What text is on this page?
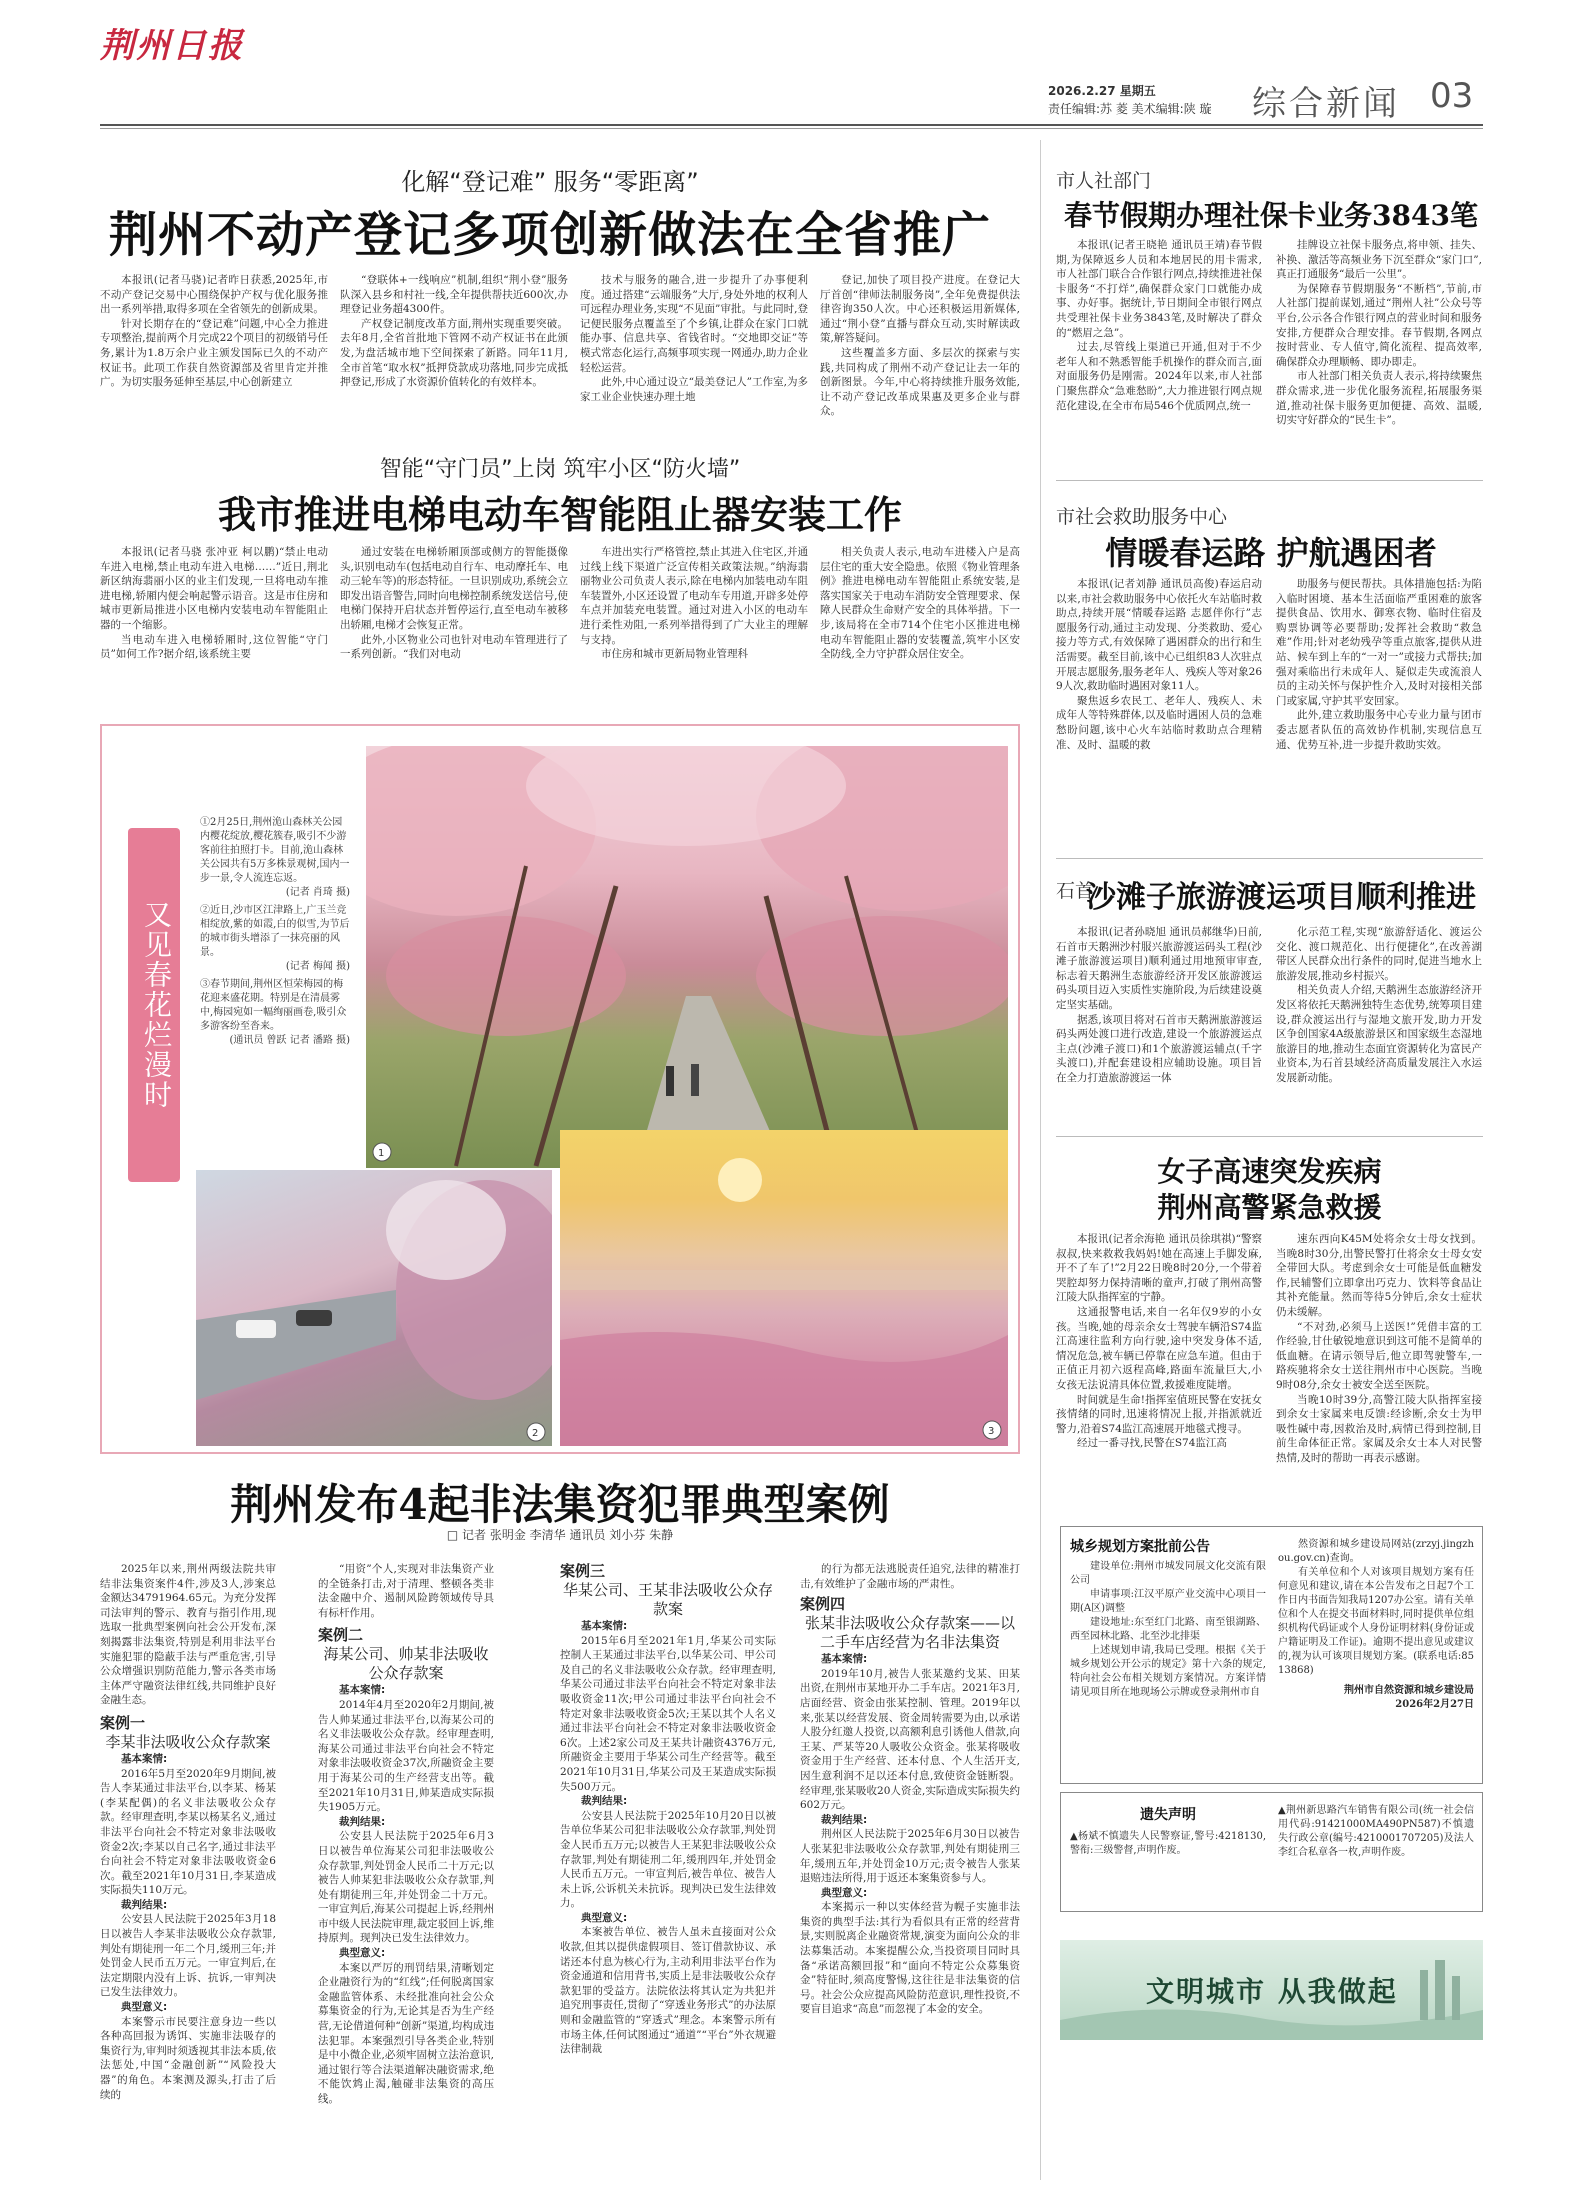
荆州日报
2026.2.27 星期五
责任编辑:苏 菱 美术编辑:陕 璇 综合新闻 03
化解“登记难” 服务“零距离”
荆州不动产登记多项创新做法在全省推广

本报讯(记者马骁)记者昨日获悉,2025年,市不动产登记交易中心围绕保护产权与优化服务推出一系列举措,取得多项在全省领先的创新成果。

针对长期存在的“登记难”问题,中心全力推进专项整治,提前两个月完成22个项目的初级销号任务,累计为1.8万余户业主颁发国际已久的不动产权证书。此项工作获自然资源部及省里肯定并推广。为切实服务延伸至基层,中心创新建立

“登联体+一线响应”机制,组织“荆小登”服务队深入县乡和村社一线,全年提供帮扶近600次,办理登记业务超4300件。

产权登记制度改革方面,荆州实现重要突破。去年8月,全省首批地下管网不动产权证书在此颁发,为盘活城市地下空间探索了新路。同年11月,全市首笔“取水权”抵押贷款成功落地,同步完成抵押登记,形成了水资源价值转化的有效样本。

技术与服务的融合,进一步提升了办事便利度。通过搭建“云端服务”大厅,身处外地的权利人可远程办理业务,实现“不见面”审批。与此同时,登记便民服务点覆盖至了个乡镇,让群众在家门口就能办事、信息共享、省钱省时。“交地即交证”等模式常态化运行,高频事项实现一网通办,助力企业轻松运营。

此外,中心通过设立“最美登记人”工作室,为多家工业企业快速办理土地

登记,加快了项目投产进度。在登记大厅首创“律师法制服务岗”,全年免费提供法律咨询350人次。中心还积极运用新媒体,通过“荆小登”直播与群众互动,实时解读政策,解答疑问。

这些覆盖多方面、多层次的探索与实践,共同构成了荆州不动产登记让去一年的创新图景。今年,中心将持续推升服务效能,让不动产登记改革成果惠及更多企业与群众。

智能“守门员”上岗 筑牢小区“防火墙”
我市推进电梯电动车智能阻止器安装工作

本报讯(记者马骁 张冲亚 柯以鹏)“禁止电动车进入电梯,禁止电动车进入电梯……”近日,荆北新区纳海翡丽小区的业主们发现,一旦将电动车推进电梯,轿厢内便会响起警示语音。这是市住房和城市更新局推进小区电梯内安装电动车智能阻止器的一个缩影。

当电动车进入电梯轿厢时,这位智能“守门员”如何工作?据介绍,该系统主要

通过安装在电梯轿厢顶部或侧方的智能摄像头,识别电动车(包括电动自行车、电动摩托车、电动三轮车等)的形态特征。一旦识别成功,系统会立即发出语音警告,同时向电梯控制系统发送信号,使电梯门保持开启状态并暂停运行,直至电动车被移出轿厢,电梯才会恢复正常。

此外,小区物业公司也针对电动车管理进行了一系列创新。“我们对电动

车进出实行严格管控,禁止其进入住宅区,并通过线上线下渠道广泛宣传相关政策法规。”纳海翡丽物业公司负责人表示,除在电梯内加装电动车阻车装置外,小区还设置了电动车专用道,开辟多处停车点并加装充电装置。通过对进入小区的电动车进行柔性劝阻,一系列举措得到了广大业主的理解与支持。

市住房和城市更新局物业管理科

相关负责人表示,电动车进楼入户是高层住宅的重大安全隐患。依照《物业管理条例》推进电梯电动车智能阻止系统安装,是落实国家关于电动车消防安全管理要求、保障人民群众生命财产安全的具体举措。下一步,该局将在全市714个住宅小区推进电梯电动车智能阻止器的安装覆盖,筑牢小区安全防线,全力守护群众居住安全。

又见春花烂漫时
①2月25日,荆州洈山森林关公园内樱花绽放,樱花簇春,吸引不少游客前往拍照打卡。目前,洈山森林关公园共有5万多株景观树,国内一步一景,令人流连忘返。
(记者 肖琦 摄)
②近日,沙市区江津路上,广玉兰竞相绽放,紫的如霞,白的似雪,为节后的城市街头增添了一抹亮丽的风景。
(记者 梅闻 摄)
③春节期间,荆州区恒荣梅园的梅花迎来盛花期。特别是在清晨雾中,梅园宛如一幅绚丽画卷,吸引众多游客纷至沓来。
(通讯员 曾跃 记者 潘路 摄)
1
2	3
荆州发布4起非法集资犯罪典型案例
□ 记者 张明金 李清华 通讯员 刘小芬 朱静

2025年以来,荆州两级法院共审结非法集资案件4件,涉及3人,涉案总金额达34791964.65元。为充分发挥司法审判的警示、教育与指引作用,现选取一批典型案例向社会公开发布,深刻揭露非法集资,特别是利用非法平台实施犯罪的隐蔽手法与严重危害,引导公众增强识别防范能力,警示各类市场主体严守融资法律红线,共同维护良好金融生态。

案例一
李某非法吸收公众存款案

基本案情:

2016年5月至2020年9月期间,被告人李某通过非法平台,以李某、杨某(李某配偶)的名义非法吸收公众存款。经审理查明,李某以杨某名义,通过非法平台向社会不特定对象非法吸收资金2次;李某以自己名字,通过非法平台向社会不特定对象非法吸收资金6次。截至2021年10月31日,李某造成实际损失110万元。

裁判结果:

公安县人民法院于2025年3月18日以被告人李某非法吸收公众存款罪,判处有期徒刑一年二个月,缓刑三年;并处罚金人民币五万元。一审宣判后,在法定期限内没有上诉、抗诉,一审判决已发生法律效力。

典型意义:

本案警示市民要注意身边一些以各种高回报为诱饵、实施非法吸存的集资行为,审判时须透视其非法本质,依法惩处,中国“金融创新”“风险投大器”的角色。本案测及源头,打击了后续的

“用资”个人,实现对非法集资产业的全链条打击,对于清理、整顿各类非法金融中介、遏制风险跨领域传导具有标杆作用。

案例二
海某公司、帅某非法吸收公众存款案

基本案情:

2014年4月至2020年2月期间,被告人帅某通过非法平台,以海某公司的名义非法吸收公众存款。经审理查明,海某公司通过非法平台向社会不特定对象非法吸收资金37次,所融资金主要用于海某公司的生产经营支出等。截至2021年10月31日,帅某造成实际损失1905万元。

裁判结果:

公安县人民法院于2025年6月3日以被告单位海某公司犯非法吸收公众存款罪,判处罚金人民币二十万元;以被告人帅某犯非法吸收公众存款罪,判处有期徒刑三年,并处罚金二十万元。一审宣判后,海某公司提起上诉,经荆州市中级人民法院审理,裁定驳回上诉,维持原判。现判决已发生法律效力。

典型意义:

本案以严厉的刑罚结果,清晰划定企业融资行为的“红线”;任何脱离国家金融监管体系、未经批准向社会公众募集资金的行为,无论其是否为生产经营,无论借道何种“创新”渠道,均构成违法犯罪。本案强烈引导各类企业,特别是中小微企业,必须牢固树立法治意识,通过银行等合法渠道解决融资需求,绝不能饮鸩止渴,触碰非法集资的高压线。

案例三
华某公司、王某非法吸收公众存款案

基本案情:

2015年6月至2021年1月,华某公司实际控制人王某通过非法平台,以华某公司、甲公司及自己的名义非法吸收公众存款。经审理查明,华某公司通过非法平台向社会不特定对象非法吸收资金11次;甲公司通过非法平台向社会不特定对象非法吸收资金5次;王某以其个人名义通过非法平台向社会不特定对象非法吸收资金6次。上述2家公司及王某共计融资4376万元,所融资金主要用于华某公司生产经营等。截至2021年10月31日,华某公司及王某造成实际损失500万元。

裁判结果:

公安县人民法院于2025年10月20日以被告单位华某公司犯非法吸收公众存款罪,判处罚金人民币五万元;以被告人王某犯非法吸收公众存款罪,判处有期徒刑二年,缓刑四年,并处罚金人民币五万元。一审宣判后,被告单位、被告人未上诉,公诉机关未抗诉。现判决已发生法律效力。

典型意义:

本案被告单位、被告人虽未直接面对公众收款,但其以提供虚假项目、签订借款协议、承诺还本付息为核心行为,主动利用非法平台作为资金通道和信用背书,实质上是非法吸收公众存款犯罪的受益方。法院依法将其认定为共犯并追究刑事责任,贯彻了“穿透业务形式”的办法原则和金融监管的“穿透式”理念。本案警示所有市场主体,任何试图通过“通道”“平台”外衣规避法律制裁

的行为都无法逃脱责任追究,法律的精准打击,有效维护了金融市场的严肃性。

案例四
张某非法吸收公众存款案——以二手车店经营为名非法集资

基本案情:

2019年10月,被告人张某邀约戈某、田某出资,在荆州市某地开办二手车店。2021年3月,店面经营、资金由张某控制、管理。2019年以来,张某以经营发展、资金周转需要为由,以承诺人股分红邀人投资,以高额利息引诱他人借款,向王某、严某等20人吸收公众资金。张某将吸收资金用于生产经营、还本付息、个人生活开支,因生意利润不足以还本付息,致使资金链断裂。经审理,张某吸收20人资金,实际造成实际损失约602万元。

裁判结果:

荆州区人民法院于2025年6月30日以被告人张某犯非法吸收公众存款罪,判处有期徒刑三年,缓刑五年,并处罚金10万元;责令被告人张某退赔违法所得,用于返还本案集资参与人。

典型意义:

本案揭示一种以实体经营为幌子实施非法集资的典型手法:其行为看似具有正常的经营背景,实则脱离企业融资常规,演变为面向公众的非法募集活动。本案提醒公众,当投资项目同时具备“承诺高额回报”和“面向不特定公众募集资金”特征时,须高度警惕,这往往是非法集资的信号。社会公众应提高风险防范意识,理性投资,不要盲目追求“高息”而忽视了本金的安全。

市人社部门
春节假期办理社保卡业务3843笔

本报讯(记者王晓艳 通讯员王靖)春节假期,为保障返乡人员和本地居民的用卡需求,市人社部门联合合作银行网点,持续推进社保卡服务“不打烊”,确保群众家门口就能办成事、办好事。据统计,节日期间全市银行网点共受理社保卡业务3843笔,及时解决了群众的“燃眉之急”。

过去,尽管线上渠道已开通,但对于不少老年人和不熟悉智能手机操作的群众而言,面对面服务仍是刚需。2024年以来,市人社部门聚焦群众“急难愁盼”,大力推进银行网点规范化建设,在全市布局546个优质网点,统一

挂牌设立社保卡服务点,将申领、挂失、补换、激活等高频业务下沉至群众“家门口”,真正打通服务“最后一公里”。

为保障春节假期服务“不断档”,节前,市人社部门提前谋划,通过“荆州人社”公众号等平台,公示各合作银行网点的营业时间和服务安排,方便群众合理安排。春节假期,各网点按时营业、专人值守,简化流程、提高效率,确保群众办理顺畅、即办即走。

市人社部门相关负责人表示,将持续聚焦群众需求,进一步优化服务流程,拓展服务渠道,推动社保卡服务更加便捷、高效、温暖,切实守好群众的“民生卡”。

市社会救助服务中心
情暖春运路 护航遇困者

本报讯(记者刘静 通讯员高俊)春运启动以来,市社会救助服务中心依托火车站临时救助点,持续开展“情暖春运路 志愿伴你行”志愿服务行动,通过主动发现、分类救助、爱心接力等方式,有效保障了遇困群众的出行和生活需要。截至目前,该中心已组织83人次驻点开展志愿服务,服务老年人、残疾人等对象269人次,救助临时遇困对象11人。

聚焦返乡农民工、老年人、残疾人、未成年人等特殊群体,以及临时遇困人员的急难愁盼问题,该中心火车站临时救助点合理精准、及时、温暖的救

助服务与便民帮扶。具体措施包括:为陷入临时困境、基本生活面临严重困难的旅客提供食品、饮用水、御寒衣物、临时住宿及购票协调等必要帮助;发挥社会救助“救急难”作用;针对老幼残孕等重点旅客,提供从进站、候车到上车的“一对一”或接力式帮扶;加强对乘临出行未成年人、疑似走失或流浪人员的主动关怀与保护性介入,及时对接相关部门或家属,守护其平安回家。

此外,建立救助服务中心专业力量与团市委志愿者队伍的高效协作机制,实现信息互通、优势互补,进一步提升救助实效。

石首
沙滩子旅游渡运项目顺利推进

本报讯(记者孙晓旭 通讯员郝继华)日前,石首市天鹅洲沙村服兴旅游渡运码头工程(沙滩子旅游渡运项目)顺利通过用地预审审查,标志着天鹅洲生态旅游经济开发区旅游渡运码头项目迈入实质性实施阶段,为后续建设奠定坚实基础。

据悉,该项目将对石首市天鹅洲旅游渡运码头两处渡口进行改造,建设一个旅游渡运点主点(沙滩子渡口)和1个旅游渡运辅点(千字头渡口),并配套建设相应辅助设施。项目旨在全力打造旅游渡运一体

化示范工程,实现“旅游舒适化、渡运公交化、渡口规范化、出行便捷化”,在改善湖带区人民群众出行条件的同时,促进当地水上旅游发展,推动乡村振兴。

相关负责人介绍,天鹅洲生态旅游经济开发区将依托天鹅洲独特生态优势,统筹项目建设,群众渡运出行与湿地文旅开发,助力开发区争创国家4A级旅游景区和国家级生态湿地旅游目的地,推动生态面宜资源转化为富民产业资本,为石首县域经济高质量发展注入水运发展新动能。

女子高速突发疾病
荆州高警紧急救援

本报讯(记者余海艳 通讯员徐琪祺)“警察叔叔,快来救救我妈妈!她在高速上手脚发麻,开不了车了!”2月22日晚8时20分,一个带着哭腔却努力保持清晰的童声,打破了荆州高警江陵大队指挥室的宁静。

这通报警电话,来自一名年仅9岁的小女孩。当晚,她的母亲余女士驾驶车辆沿S74监江高速往监利方向行驶,途中突发身体不适,情况危急,被车辆已停靠在应急车道。但由于正值正月初六返程高峰,路面车流量巨大,小女孩无法说清具体位置,救援难度陡增。

时间就是生命!指挥室值班民警在安抚女孩情绪的同时,迅速将情况上报,并指派就近警力,沿着S74监江高速展开地毯式搜寻。

经过一番寻找,民警在S74监江高

速东西向K45M处将余女士母女找到。当晚8时30分,出警民警打仕将余女士母女安全带回大队。考虑到余女士可能是低血糖发作,民辅警们立即拿出巧克力、饮料等食品让其补充能量。然而等待5分钟后,余女士症状仍未缓解。

“不对劲,必须马上送医!”凭借丰富的工作经验,甘仕敏锐地意识到这可能不是简单的低血糖。在请示领导后,他立即驾驶警车,一路疾驰将余女士送往荆州市中心医院。当晚9时08分,余女士被安全送至医院。

当晚10时39分,高警江陵大队指挥室接到余女士家属来电反馈:经诊断,余女士为甲吸性碱中毒,因救治及时,病情已得到控制,目前生命体征正常。家属及余女士本人对民警热情,及时的帮助一再表示感谢。

城乡规划方案批前公告

建设单位:荆州市城发同展文化交流有限公司

申请事项:江汉平原产业交流中心项目一期(A区)调整

建设地址:东至红门北路、南至银湖路、西至园林北路、北至沙北排渠

上述规划申请,我局已受理。根据《关于城乡规划公开公示的规定》第十六条的规定,特向社会公布相关规划方案情况。方案详情请见项目所在地现场公示牌或登录荆州市自

然资源和城乡建设局网站(zrzyj.jingzhou.gov.cn)查询。

有关单位和个人对该项目规划方案有任何意见和建议,请在本公告发布之日起7个工作日内书面告知我局1207办公室。请有关单位和个人在提交书面材料时,同时提供单位组织机构代码证或个人身份证明材料(身份证或户籍证明及工作证)。逾期不提出意见或建议的,视为认可该项目规划方案。(联系电话:8513868)

荆州市自然资源和城乡建设局
2026年2月27日
遗失声明
▲杨斌不慎遗失人民警察证,警号:4218130,警衔:三级警督,声明作废。
▲荆州新思路汽车销售有限公司(统一社会信用代码:91421000MA490PN587)不慎遗失行政公章(编号:4210001707205)及法人李红合私章各一枚,声明作废。
文明城市 从我做起
